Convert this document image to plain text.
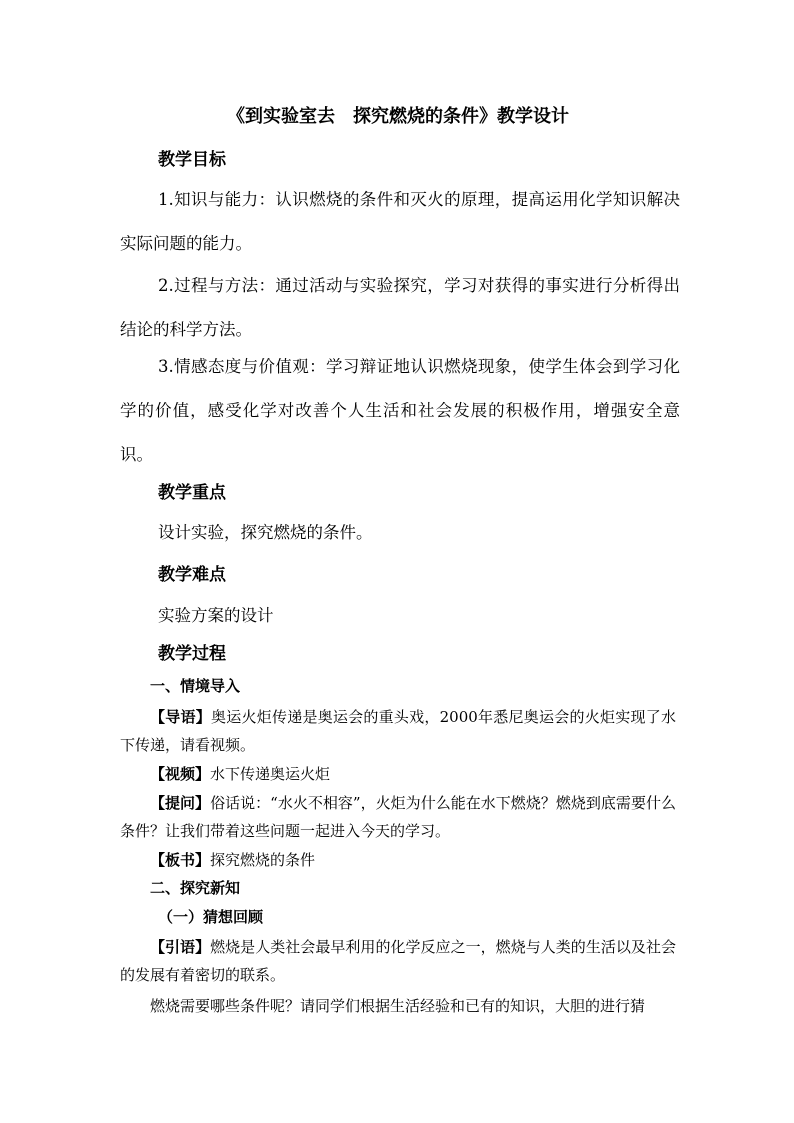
《到实验室去　探究燃烧的条件》教学设计
教学目标
1.知识与能力：认识燃烧的条件和灭火的原理，提高运用化学知识解决实际问题的能力。
2.过程与方法：通过活动与实验探究，学习对获得的事实进行分析得出结论的科学方法。
3.情感态度与价值观：学习辩证地认识燃烧现象，使学生体会到学习化学的价值，感受化学对改善个人生活和社会发展的积极作用，增强安全意识。
教学重点
设计实验，探究燃烧的条件。
教学难点
实验方案的设计
教学过程
一、情境导入
【导语】奥运火炬传递是奥运会的重头戏，2000年悉尼奥运会的火炬实现了水下传递，请看视频。
【视频】水下传递奥运火炬
【提问】俗话说：“水火不相容”，火炬为什么能在水下燃烧？燃烧到底需要什么条件？让我们带着这些问题一起进入今天的学习。
【板书】探究燃烧的条件
二、探究新知
（一）猜想回顾
【引语】燃烧是人类社会最早利用的化学反应之一，燃烧与人类的生活以及社会的发展有着密切的联系。
燃烧需要哪些条件呢？请同学们根据生活经验和已有的知识，大胆的进行猜
